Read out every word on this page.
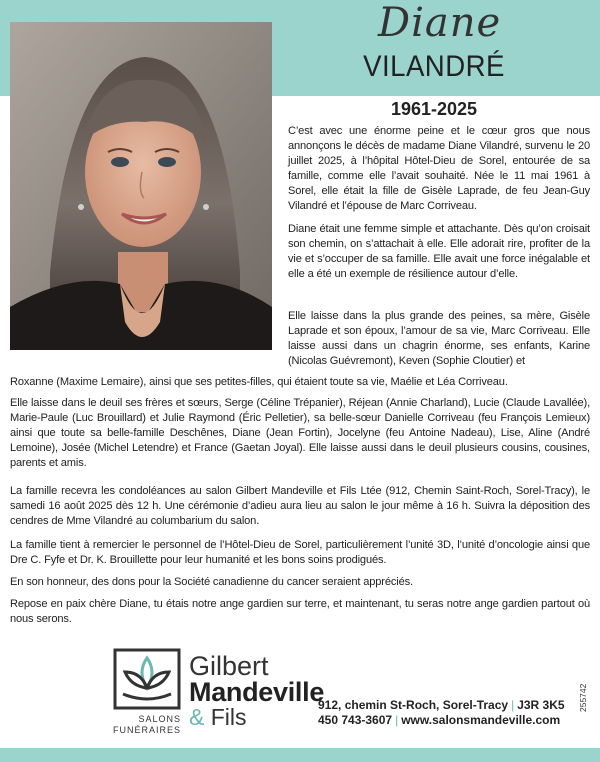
Diane
VILANDRÉ
1961-2025

C’est avec une énorme peine et le cœur gros que nous annonçons le décès de madame Diane Vilandré, survenu le 20 juillet 2025, à l’hôpital Hôtel-Dieu de Sorel, entourée de sa famille, comme elle l’avait souhaité. Née le 11 mai 1961 à Sorel, elle était la fille de Gisèle Laprade, de feu Jean-Guy Vilandré et l’épouse de Marc Corriveau.

Diane était une femme simple et attachante. Dès qu’on croisait son chemin, on s’attachait à elle. Elle adorait rire, profiter de la vie et s’occuper de sa famille. Elle avait une force inégalable et elle a été un exemple de résilience autour d’elle.

Elle laisse dans la plus grande des peines, sa mère, Gisèle Laprade et son époux, l’amour de sa vie, Marc Corriveau. Elle laisse aussi dans un chagrin énorme, ses enfants, Karine (Nicolas Guévremont), Keven (Sophie Cloutier) et

Roxanne (Maxime Lemaire), ainsi que ses petites-filles, qui étaient toute sa vie, Maélie et Léa Corriveau.

Elle laisse dans le deuil ses frères et sœurs, Serge (Céline Trépanier), Réjean (Annie Charland), Lucie (Claude Lavallée), Marie-Paule (Luc Brouillard) et Julie Raymond (Éric Pelletier), sa belle-sœur Danielle Corriveau (feu François Lemieux) ainsi que toute sa belle-famille Deschênes, Diane (Jean Fortin), Jocelyne (feu Antoine Nadeau), Lise, Aline (André Lemoine), Josée (Michel Letendre) et France (Gaetan Joyal). Elle laisse aussi dans le deuil plusieurs cousins, cousines, parents et amis.

La famille recevra les condoléances au salon Gilbert Mandeville et Fils Ltée (912, Chemin Saint-Roch, Sorel-Tracy), le samedi 16 août 2025 dès 12 h. Une cérémonie d’adieu aura lieu au salon le jour même à 16 h. Suivra la déposition des cendres de Mme Vilandré au columbarium du salon.

La famille tient à remercier le personnel de l’Hôtel-Dieu de Sorel, particulièrement l’unité 3D, l’unité d’oncologie ainsi que Dre C. Fyfe et Dr. K. Brouillette pour leur humanité et les bons soins prodigués.

En son honneur, des dons pour la Société canadienne du cancer seraient appréciés.

Repose en paix chère Diane, tu étais notre ange gardien sur terre, et maintenant, tu seras notre ange gardien partout où nous serons.

Gilbert
Mandeville
& Fils
SALONS
FUNÉRAIRES
912, chemin St-Roch, Sorel-Tracy | J3R 3K5
450 743-3607 | www.salonsmandeville.com
255742
